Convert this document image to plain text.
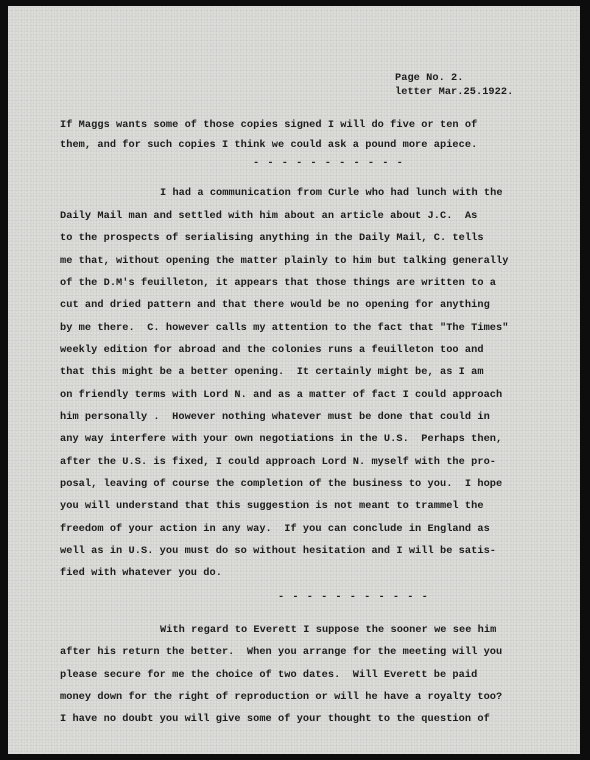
Page No. 2.
letter Mar.25.1922.
If Maggs wants some of those copies signed I will do five or ten of
them, and for such copies I think we could ask a pound more apiece.
- - - - - - - - - - -
I had a communication from Curle who had lunch with the
Daily Mail man and settled with him about an article about J.C.  As
to the prospects of serialising anything in the Daily Mail, C. tells
me that, without opening the matter plainly to him but talking generally
of the D.M's feuilleton, it appears that those things are written to a
cut and dried pattern and that there would be no opening for anything
by me there.  C. however calls my attention to the fact that "The Times"
weekly edition for abroad and the colonies runs a feuilleton too and
that this might be a better opening.  It certainly might be, as I am
on friendly terms with Lord N. and as a matter of fact I could approach
him personally .  However nothing whatever must be done that could in
any way interfere with your own negotiations in the U.S.  Perhaps then,
after the U.S. is fixed, I could approach Lord N. myself with the pro-
posal, leaving of course the completion of the business to you.  I hope
you will understand that this suggestion is not meant to trammel the
freedom of your action in any way.  If you can conclude in England as
well as in U.S. you must do so without hesitation and I will be satis-
fied with whatever you do.
- - - - - - - - - - -
With regard to Everett I suppose the sooner we see him
after his return the better.  When you arrange for the meeting will you
please secure for me the choice of two dates.  Will Everett be paid
money down for the right of reproduction or will he have a royalty too?
I have no doubt you will give some of your thought to the question of
